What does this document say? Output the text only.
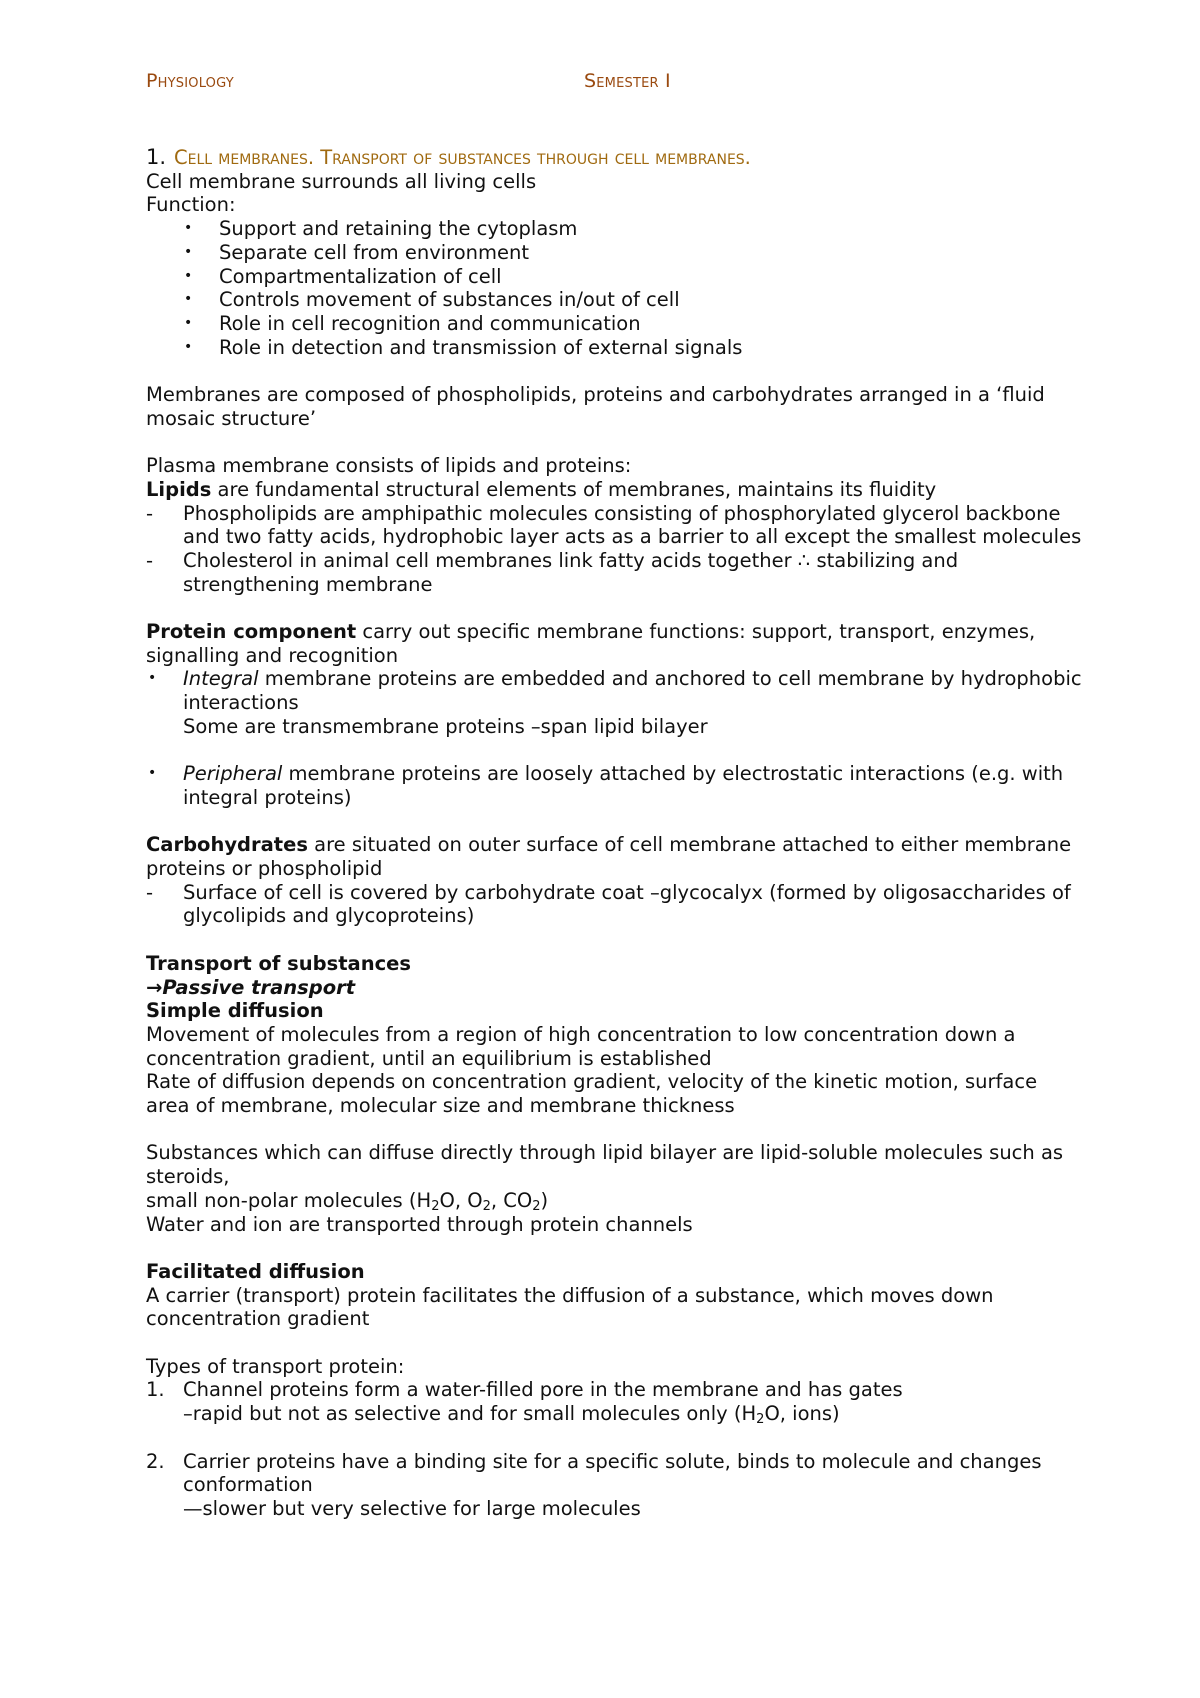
Physiology	Semester I

1. Cell membranes. Transport of substances through cell membranes.

Cell membrane surrounds all living cells

Function:

• Support and retaining the cytoplasm
• Separate cell from environment
• Compartmentalization of cell
• Controls movement of substances in/out of cell
• Role in cell recognition and communication
• Role in detection and transmission of external signals

Membranes are composed of phospholipids, proteins and carbohydrates arranged in a ‘fluid mosaic structure’

Plasma membrane consists of lipids and proteins:

Lipids are fundamental structural elements of membranes, maintains its fluidity

- Phospholipids are amphipathic molecules consisting of phosphorylated glycerol backbone and two fatty acids, hydrophobic layer acts as a barrier to all except the smallest molecules
- Cholesterol in animal cell membranes link fatty acids together ∴ stabilizing and strengthening membrane

Protein component carry out specific membrane functions: support, transport, enzymes, signalling and recognition

• Integral membrane proteins are embedded and anchored to cell membrane by hydrophobic interactions
Some are transmembrane proteins –span lipid bilayer
• Peripheral membrane proteins are loosely attached by electrostatic interactions (e.g. with integral proteins)

Carbohydrates are situated on outer surface of cell membrane attached to either membrane proteins or phospholipid

- Surface of cell is covered by carbohydrate coat –glycocalyx (formed by oligosaccharides of glycolipids and glycoproteins)

Transport of substances

→Passive transport

Simple diffusion

Movement of molecules from a region of high concentration to low concentration down a concentration gradient, until an equilibrium is established

Rate of diffusion depends on concentration gradient, velocity of the kinetic motion, surface area of membrane, molecular size and membrane thickness

Substances which can diffuse directly through lipid bilayer are lipid-soluble molecules such as steroids,

small non-polar molecules ($H_2O$, $O_2$, $CO_2$)

Water and ion are transported through protein channels

Facilitated diffusion

A carrier (transport) protein facilitates the diffusion of a substance, which moves down concentration gradient

Types of transport protein:

1. Channel proteins form a water-filled pore in the membrane and has gates
–rapid but not as selective and for small molecules only ($H_2O$, ions)
2. Carrier proteins have a binding site for a specific solute, binds to molecule and changes conformation
—slower but very selective for large molecules
